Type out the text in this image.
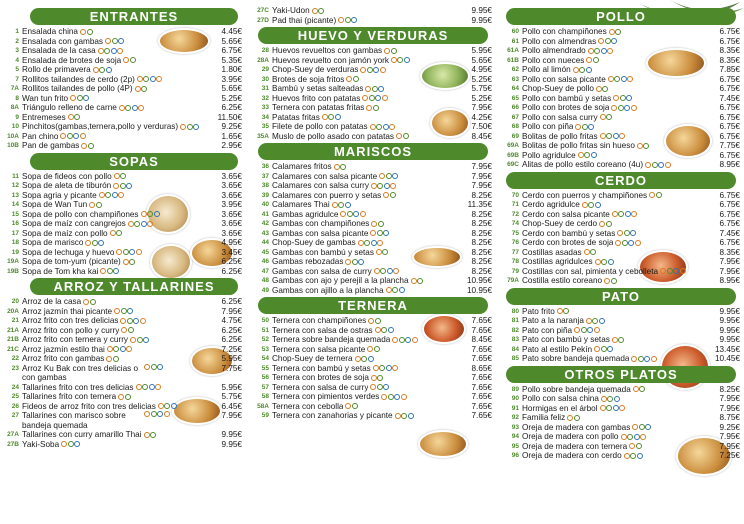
ENTRANTES
1 Ensalada china	4.45€
2 Ensalada con gambas	5.65€
3 Ensalada de la casa	6.75€
4 Ensalada de brotes de soja	5.35€
5 Rollo de primavera	1.80€
7 Rollitos tailandes de cerdo (2p)	3.95€
7A Rollitos tailandes de pollo (4P)	5.65€
8 Wan tun frito	5.25€
8A Triángulo relleno de carne	6.25€
9 Entremeses	11.50€
10 Pinchitos(gambas,ternera,pollo y verduras)	9.25€
10A Pan chino	1.65€
10B Pan de gambas	2.95€
SOPAS
11 Sopa de fideos con pollo	3.65€
12 Sopa de aleta de tiburón	3.65€
13 Sopa agria y picante	3.65€
14 Sopa de Wan Tun	3.95€
15 Sopa de pollo con champiñones	3.65€
16 Sopa de maíz con cangrejos	3.65€
17 Sopa de maíz con pollo	3.65€
18 Sopa de marisco	4.95€
19 Sopa de lechuga y huevo	3.45€
19A Sopa de tom-yum (picante)	6.25€
19B Sopa de Tom kha kai	6.25€
ARROZ Y TALLARINES
20 Arroz de la casa	6.25€
20A Arroz jazmín thai picante	7.95€
21 Arroz frito con tres delicias	4.75€
21A Arroz frito con pollo y curry	6.25€
21B Arroz frito con ternera y curry	6.25€
21C Arroz jazmín estilo thai	7.25€
22 Arroz frito con gambas	5.95€
23 Arroz Ku Bak con tres delicias o con gambas
7.75€
24 Tallarines frito con tres delicias	5.95€
25 Tallarines frito con ternera	5.75€
26 Fideos de arroz frito con tres delicias	6.45€
27 Tallarines con marisco sobre bandeja quemada
7.95€
27A Tallarines con curry amarillo Thai	9.95€
27B Yaki-Soba	9.95€
27C Yaki-Udon	9.95€
27D Pad thai (picante)	9.95€
HUEVO Y VERDURAS
28 Huevos revueltos con gambas	5.95€
28A Huevos revuelto con jamón york	5.65€
29 Chop-Suey de verduras	4.95€
30 Brotes de soja fritos	5.25€
31 Bambú y setas salteadas	5.75€
32 Huevos frito con patatas	5.25€
33 Ternera con patatas fritas	7.95€
34 Patatas fritas	4.25€
35 Filete de pollo con patatas	7.50€
35A Muslo de pollo asado con patatas	8.45€
MARISCOS
36 Calamares fritos	7.95€
37 Calamares con salsa picante	7.95€
38 Calamares con salsa curry	7.95€
39 Calamares con puerro y setas	8.25€
40 Calamares Thai	11.35€
41 Gambas agridulce	8.25€
42 Gambas con champiñones	8.25€
43 Gambas con salsa picante	8.25€
44 Chop-Suey de gambas	8.25€
45 Gambas con bambú y setas	8.25€
46 Gambas rebozadas	8.25€
47 Gambas con salsa de curry	8.25€
48 Gambas con ajo y perejil a la plancha	10.95€
49 Gambas con ajillo a la plancha	10.95€
TERNERA
50 Ternera con champiñones	7.65€
51 Ternera con salsa de ostras	7.65€
52 Ternera sobre bandeja quemada	8.45€
53 Ternera con salsa picante	7.65€
54 Chop-Suey de ternera	7.65€
55 Ternera con bambú y setas	8.65€
56 Ternera con brotes de soja	7.65€
57 Ternera con salsa de curry	7.65€
58 Ternera con pimientos verdes	7.65€
58A Ternera con cebolla	7.65€
59 Ternera con zanahorias y picante	7.65€
POLLO
60 Pollo con champiñones	6.75€
61 Pollo con almendras	6.75€
61A Pollo almendrado	8.35€
61B Pollo con nueces	8.35€
62 Pollo al limón	7.85€
63 Pollo con salsa picante	6.75€
64 Chop-Suey de pollo	6.75€
65 Pollo con bambú y setas	7.45€
66 Pollo con brotes de soja	6.75€
67 Pollo con salsa curry	6.75€
68 Pollo con piña	6.75€
69 Bolitas de pollo fritas	6.75€
69A Bolitas de pollo fritas sin hueso	7.75€
69B Pollo agridulce	6.75€
69C Alitas de pollo estilo coreano (4u)	8.95€
CERDO
70 Cerdo con puerros y champiñones	6.75€
71 Cerdo agridulce	6.75€
72 Cerdo con salsa picante	6.75€
74 Chop-Suey de cerdo	6.75€
75 Cerdo con bambú y setas	7.45€
76 Cerdo con brotes de soja	6.75€
77 Costillas asadas	8.35€
78 Costillas agridulces	7.95€
79 Costillas con sal, pimienta y cebolleta	7.95€
79A Costilla estilo coreano	8.95€
PATO
80 Pato frito	9.95€
81 Pato a la naranja	9.95€
82 Pato con piña	9.95€
83 Pato con bambú y setas	9.95€
84 Pato al estilo Pekín	13.45€
85 Pato sobre bandeja quemada	10.45€
OTROS PLATOS
89 Pollo sobre bandeja quemada	8.25€
90 Pollo con salsa china	7.95€
91 Hormigas en el árbol	7.95€
92 Familia feliz	8.75€
93 Oreja de madera con gambas	9.25€
94 Oreja de madera con pollo	7.95€
95 Oreja de madera con ternera	7.95€
96 Oreja de madera con cerdo	7.25€
